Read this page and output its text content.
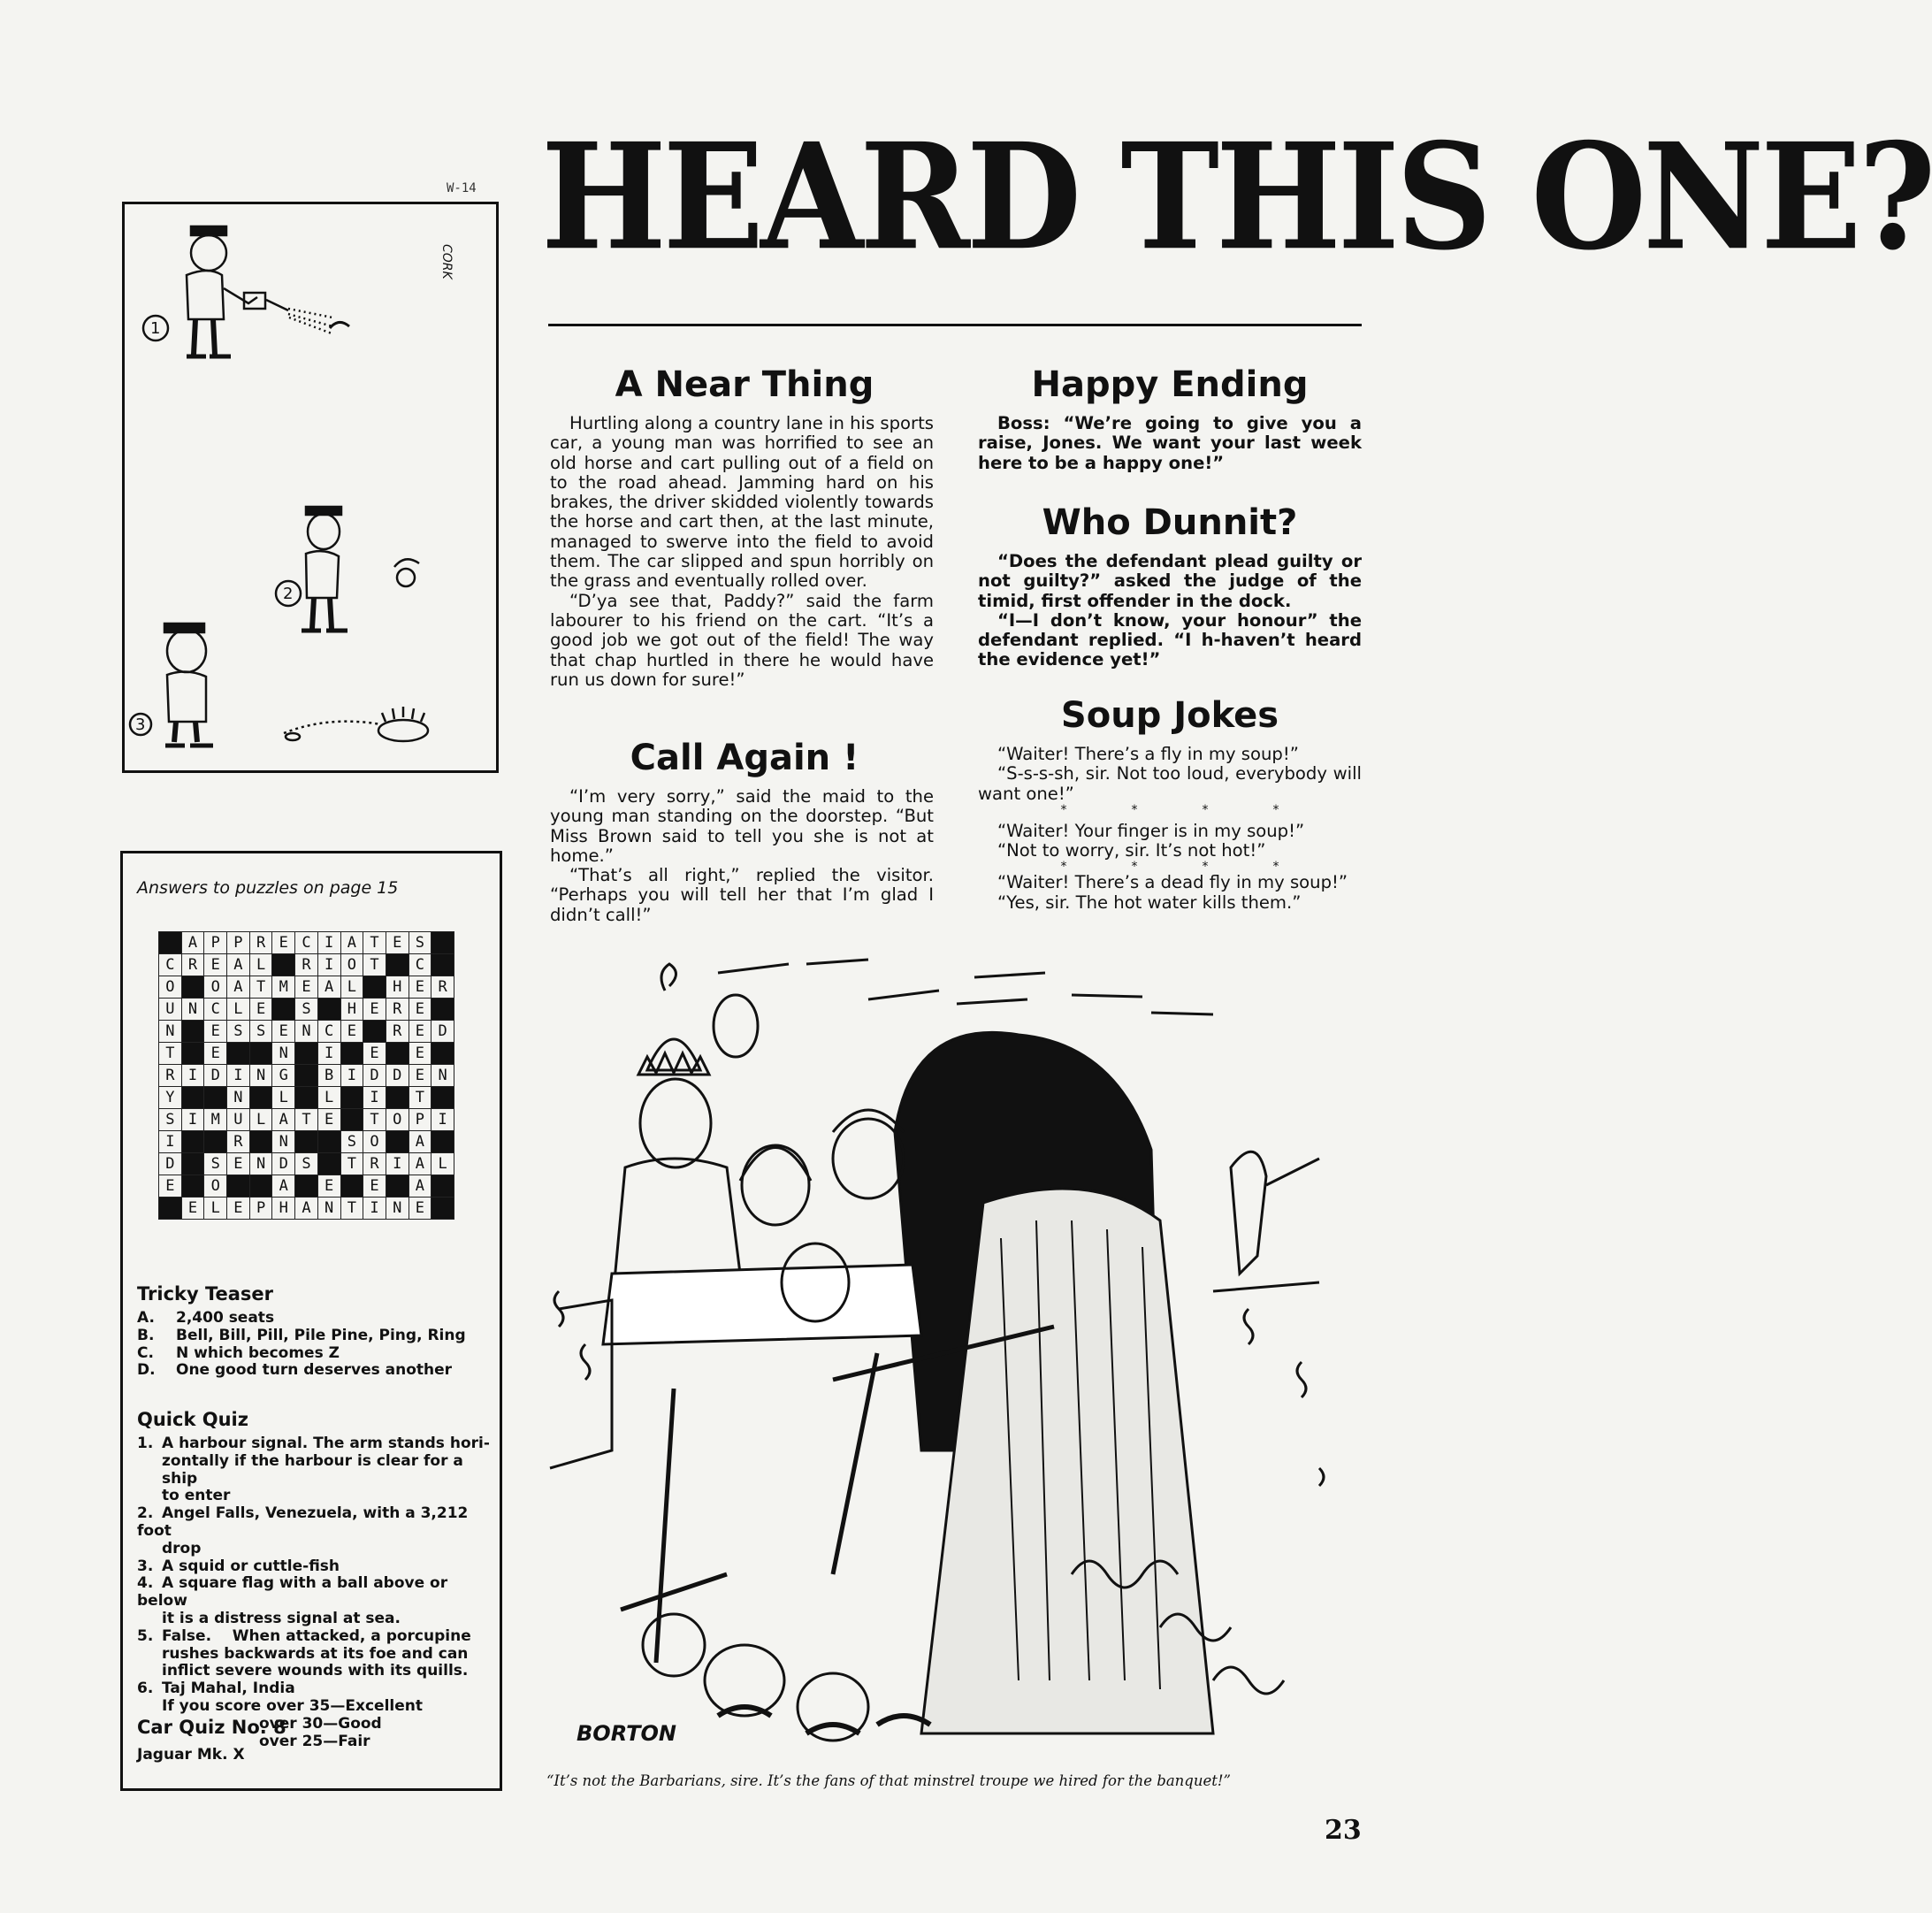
HEARD THIS ONE?
W-14
1
2
3
CORK
Answers to puzzles on page 15
	A	P	P	R	E	C	I	A	T	E	S	
C	R	E	A	L		R	I	O	T		C	
O		O	A	T	M	E	A	L		H	E	R
U	N	C	L	E		S		H	E	R	E	
N		E	S	S	E	N	C	E		R	E	D
T		E			N		I		E		E	
R	I	D	I	N	G		B	I	D	D	E	N
Y			N		L		L		I		T	
S	I	M	U	L	A	T	E		T	O	P	I
I			R		N			S	O		A	
D		S	E	N	D	S		T	R	I	A	L
E		O			A		E		E		A	
	E	L	E	P	H	A	N	T	I	N	E	
Tricky Teaser
A. 2,400 seats
B. Bell, Bill, Pill, Pile Pine, Ping, Ring
C. N which becomes Z
D. One good turn deserves another
Quick Quiz
1. A harbour signal. The arm stands hori-
zontally if the harbour is clear for a ship
to enter
2. Angel Falls, Venezuela, with a 3,212 foot
drop
3. A squid or cuttle-fish
4. A square flag with a ball above or below
it is a distress signal at sea.
5. False.    When attacked, a porcupine
rushes backwards at its foe and can
inflict severe wounds with its quills.
6. Taj Mahal, India
If you score over 35—Excellent
over 30—Good
over 25—Fair
Car Quiz No. 8
Jaguar Mk. X
A Near Thing

Hurtling along a country lane in his sports car, a young man was horrified to see an old horse and cart pulling out of a field on to the road ahead. Jamming hard on his brakes, the driver skidded violently towards the horse and cart then, at the last minute, managed to swerve into the field to avoid them. The car slipped and spun horribly on the grass and eventually rolled over.

“D’ya see that, Paddy?” said the farm labourer to his friend on the cart. “It’s a good job we got out of the field! The way that chap hurtled in there he would have run us down for sure!”

Call Again !

“I’m very sorry,” said the maid to the young man standing on the doorstep. “But Miss Brown said to tell you she is not at home.”

“That’s all right,” replied the visitor. “Perhaps you will tell her that I’m glad I didn’t call!”

Happy Ending

Boss: “We’re going to give you a raise, Jones. We want your last week here to be a happy one!”

Who Dunnit?

“Does the defendant plead guilty or not guilty?” asked the judge of the timid, first offender in the dock.

“I—I don’t know, your honour” the defendant replied. “I h-haven’t heard the evidence yet!”

Soup Jokes

“Waiter! There’s a fly in my soup!”

“S-s-s-sh, sir. Not too loud, everybody will want one!”

*	*	*	*

“Waiter! Your finger is in my soup!”

“Not to worry, sir. It’s not hot!”

*	*	*	*

“Waiter! There’s a dead fly in my soup!”

“Yes, sir. The hot water kills them.”

BORTON
“It’s not the Barbarians, sire. It’s the fans of that minstrel troupe we hired for the banquet!”
23
